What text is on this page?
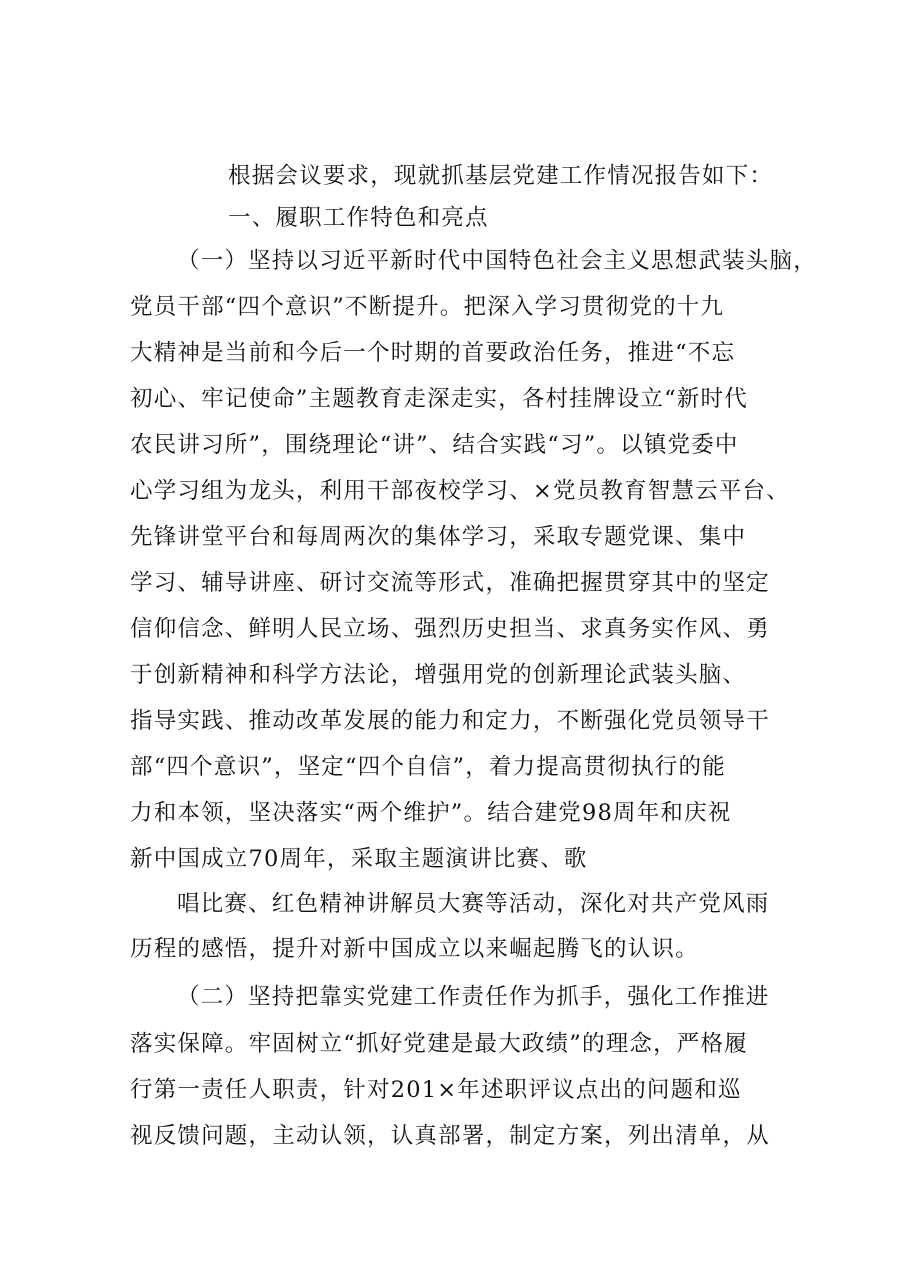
根据会议要求，现就抓基层党建工作情况报告如下：
一、履职工作特色和亮点
（一）坚持以习近平新时代中国特色社会主义思想武装头脑，
党员干部“四个意识”不断提升。把深入学习贯彻党的十九
大精神是当前和今后一个时期的首要政治任务，推进“不忘
初心、牢记使命”主题教育走深走实，各村挂牌设立“新时代
农民讲习所”，围绕理论“讲”、结合实践“习”。以镇党委中
心学习组为龙头，利用干部夜校学习、×党员教育智慧云平台、
先锋讲堂平台和每周两次的集体学习，采取专题党课、集中
学习、辅导讲座、研讨交流等形式，准确把握贯穿其中的坚定
信仰信念、鲜明人民立场、强烈历史担当、求真务实作风、勇
于创新精神和科学方法论，增强用党的创新理论武装头脑、
指导实践、推动改革发展的能力和定力，不断强化党员领导干
部“四个意识”，坚定“四个自信”，着力提高贯彻执行的能
力和本领，坚决落实“两个维护”。结合建党98周年和庆祝
新中国成立70周年，采取主题演讲比赛、歌
唱比赛、红色精神讲解员大赛等活动，深化对共产党风雨
历程的感悟，提升对新中国成立以来崛起腾飞的认识。
（二）坚持把靠实党建工作责任作为抓手，强化工作推进
落实保障。牢固树立“抓好党建是最大政绩”的理念，严格履
行第一责任人职责，针对201×年述职评议点出的问题和巡
视反馈问题，主动认领，认真部署，制定方案，列出清单，从
